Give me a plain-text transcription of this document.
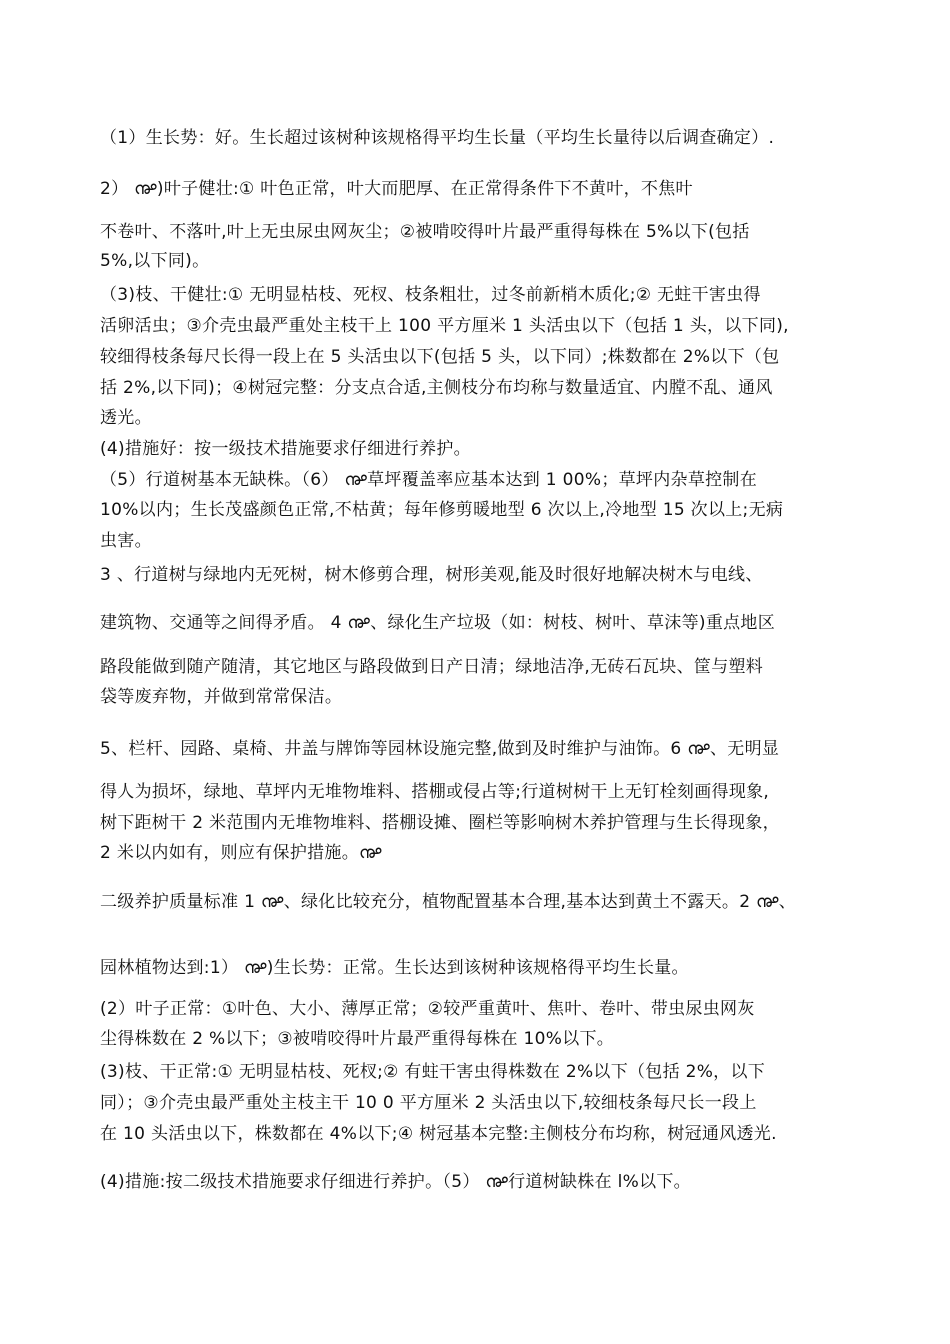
（1）生长势：好。生长超过该树种该规格得平均生长量（平均生长量待以后调查确定）.
2） ൲)叶子健壮:① 叶色正常，叶大而肥厚、在正常得条件下不黄叶，不焦叶
不卷叶、不落叶,叶上无虫尿虫网灰尘；②被啃咬得叶片最严重得每株在 5%以下(包括
5%,以下同)。
（3)枝、干健壮:① 无明显枯枝、死杈、枝条粗壮，过冬前新梢木质化;② 无蛀干害虫得
活卵活虫；③介壳虫最严重处主枝干上 100 平方厘米 1 头活虫以下（包括 1 头，以下同),
较细得枝条每尺长得一段上在 5 头活虫以下(包括 5 头，以下同）;株数都在 2%以下（包
括 2%,以下同)；④树冠完整：分支点合适,主侧枝分布均称与数量适宜、内膛不乱、通风
透光。
(4)措施好：按一级技术措施要求仔细进行养护。
（5）行道树基本无缺株。（6） ൲草坪覆盖率应基本达到 1 00%；草坪内杂草控制在
10%以内；生长茂盛颜色正常,不枯黄；每年修剪暖地型 6 次以上,冷地型 15 次以上;无病
虫害。
3 、行道树与绿地内无死树，树木修剪合理，树形美观,能及时很好地解决树木与电线、
建筑物、交通等之间得矛盾。 4 ൲、绿化生产垃圾（如：树枝、树叶、草沫等)重点地区
路段能做到随产随清，其它地区与路段做到日产日清；绿地洁净,无砖石瓦块、筐与塑料
袋等废弃物，并做到常常保洁。
5、栏杆、园路、桌椅、井盖与牌饰等园林设施完整,做到及时维护与油饰。6 ൲、无明显
得人为损坏，绿地、草坪内无堆物堆料、搭棚或侵占等;行道树树干上无钉栓刻画得现象,
树下距树干 2 米范围内无堆物堆料、搭棚设摊、圈栏等影响树木养护管理与生长得现象，
2 米以内如有，则应有保护措施。൲
二级养护质量标准 1 ൲、绿化比较充分，植物配置基本合理,基本达到黄土不露天。2 ൲、
园林植物达到:1） ൲)生长势：正常。生长达到该树种该规格得平均生长量。
(2）叶子正常：①叶色、大小、薄厚正常；②较严重黄叶、焦叶、卷叶、带虫尿虫网灰
尘得株数在 2 %以下；③被啃咬得叶片最严重得每株在 10%以下。
(3)枝、干正常:① 无明显枯枝、死杈;② 有蛀干害虫得株数在 2%以下（包括 2%，以下
同）；③介壳虫最严重处主枝主干 10 0 平方厘米 2 头活虫以下,较细枝条每尺长一段上
在 10 头活虫以下，株数都在 4%以下;④ 树冠基本完整:主侧枝分布均称，树冠通风透光.
(4)措施:按二级技术措施要求仔细进行养护。（5） ൲行道树缺株在 l%以下。
